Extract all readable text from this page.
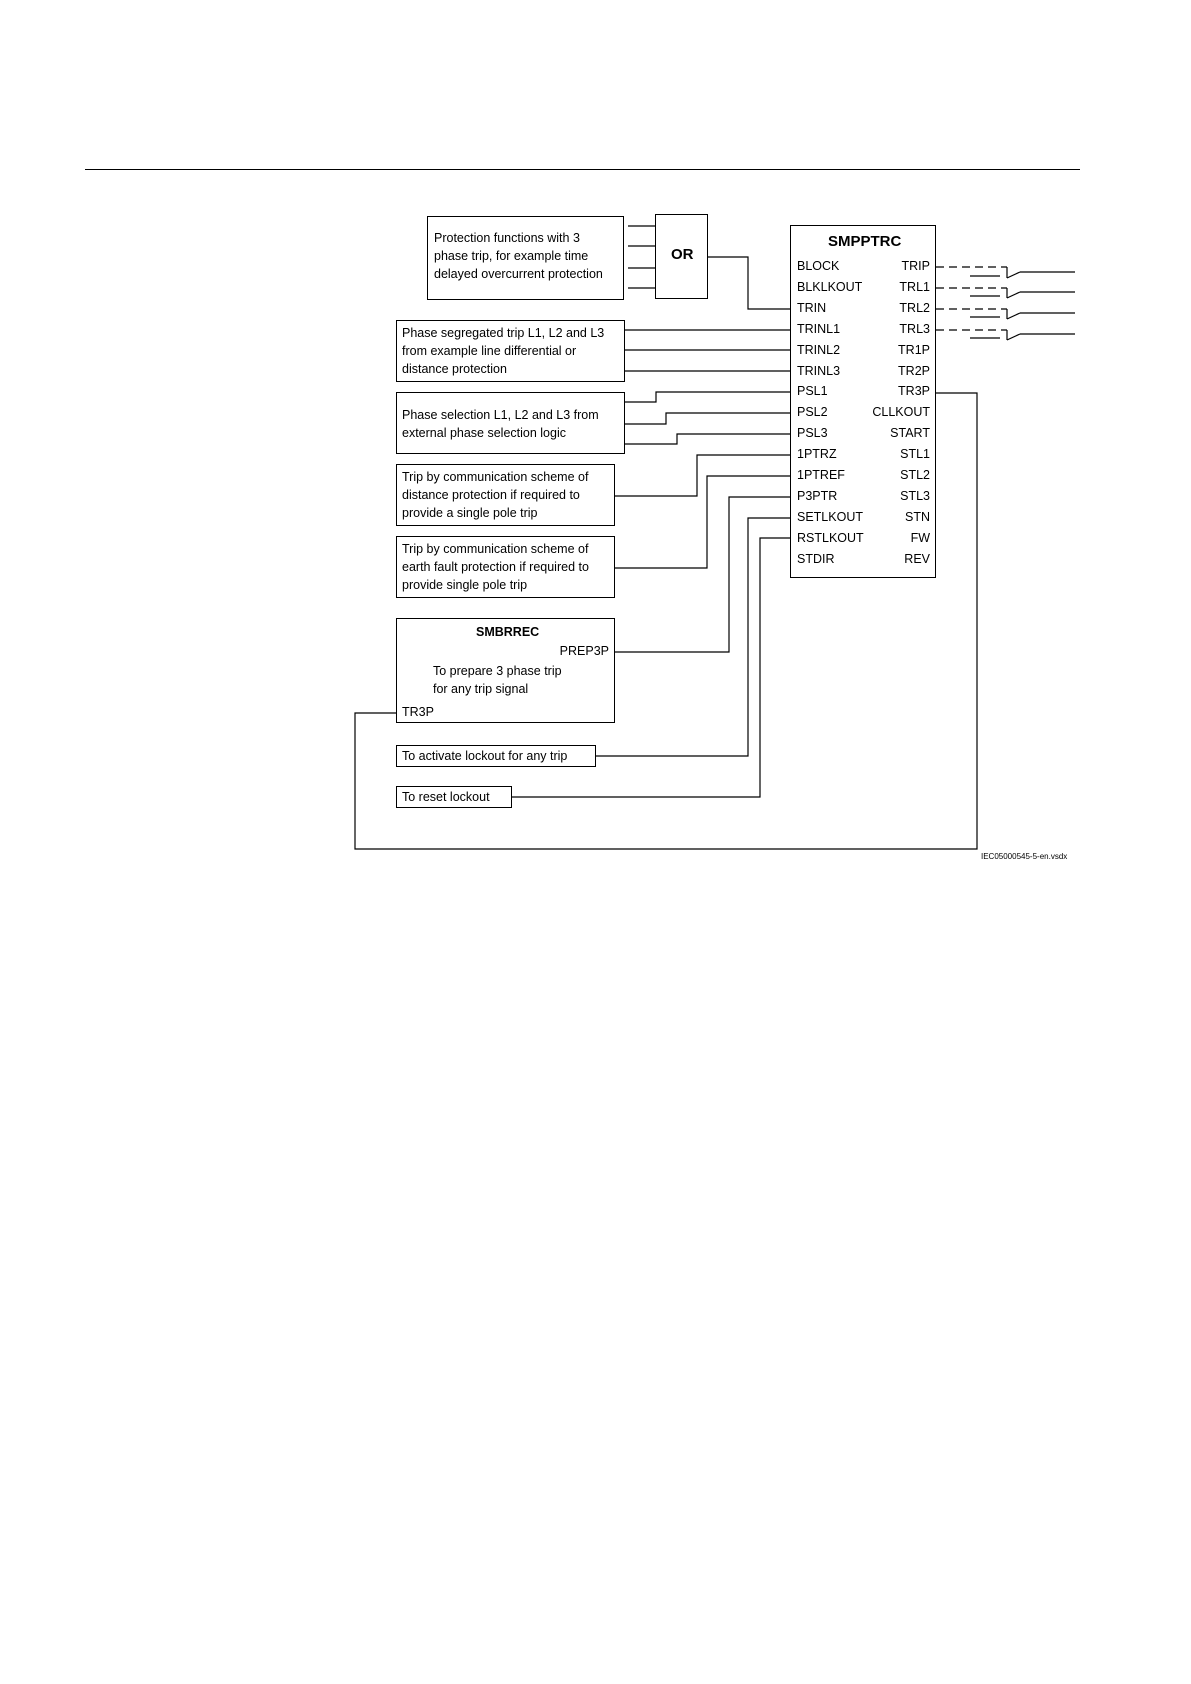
Protection functions with 3
phase trip, for example time
delayed overcurrent protection
OR
Phase segregated trip L1, L2 and L3
from example line differential or
distance protection
Phase selection L1, L2 and L3 from
external phase selection logic
Trip by communication scheme of
distance protection if required to
provide a single pole trip
Trip by communication scheme of
earth fault protection if required to
provide single pole trip
SMBRREC
PREP3P
To prepare 3 phase trip
for any trip signal
TR3P
To activate lockout for any trip
To reset lockout
SMPPTRC
BLOCK
BLKLKOUT
TRIN
TRINL1
TRINL2
TRINL3
PSL1
PSL2
PSL3
1PTRZ
1PTREF
P3PTR
SETLKOUT
RSTLKOUT
STDIR
TRIP
TRL1
TRL2
TRL3
TR1P
TR2P
TR3P
CLLKOUT
START
STL1
STL2
STL3
STN
FW
REV
IEC05000545-5-en.vsdx
